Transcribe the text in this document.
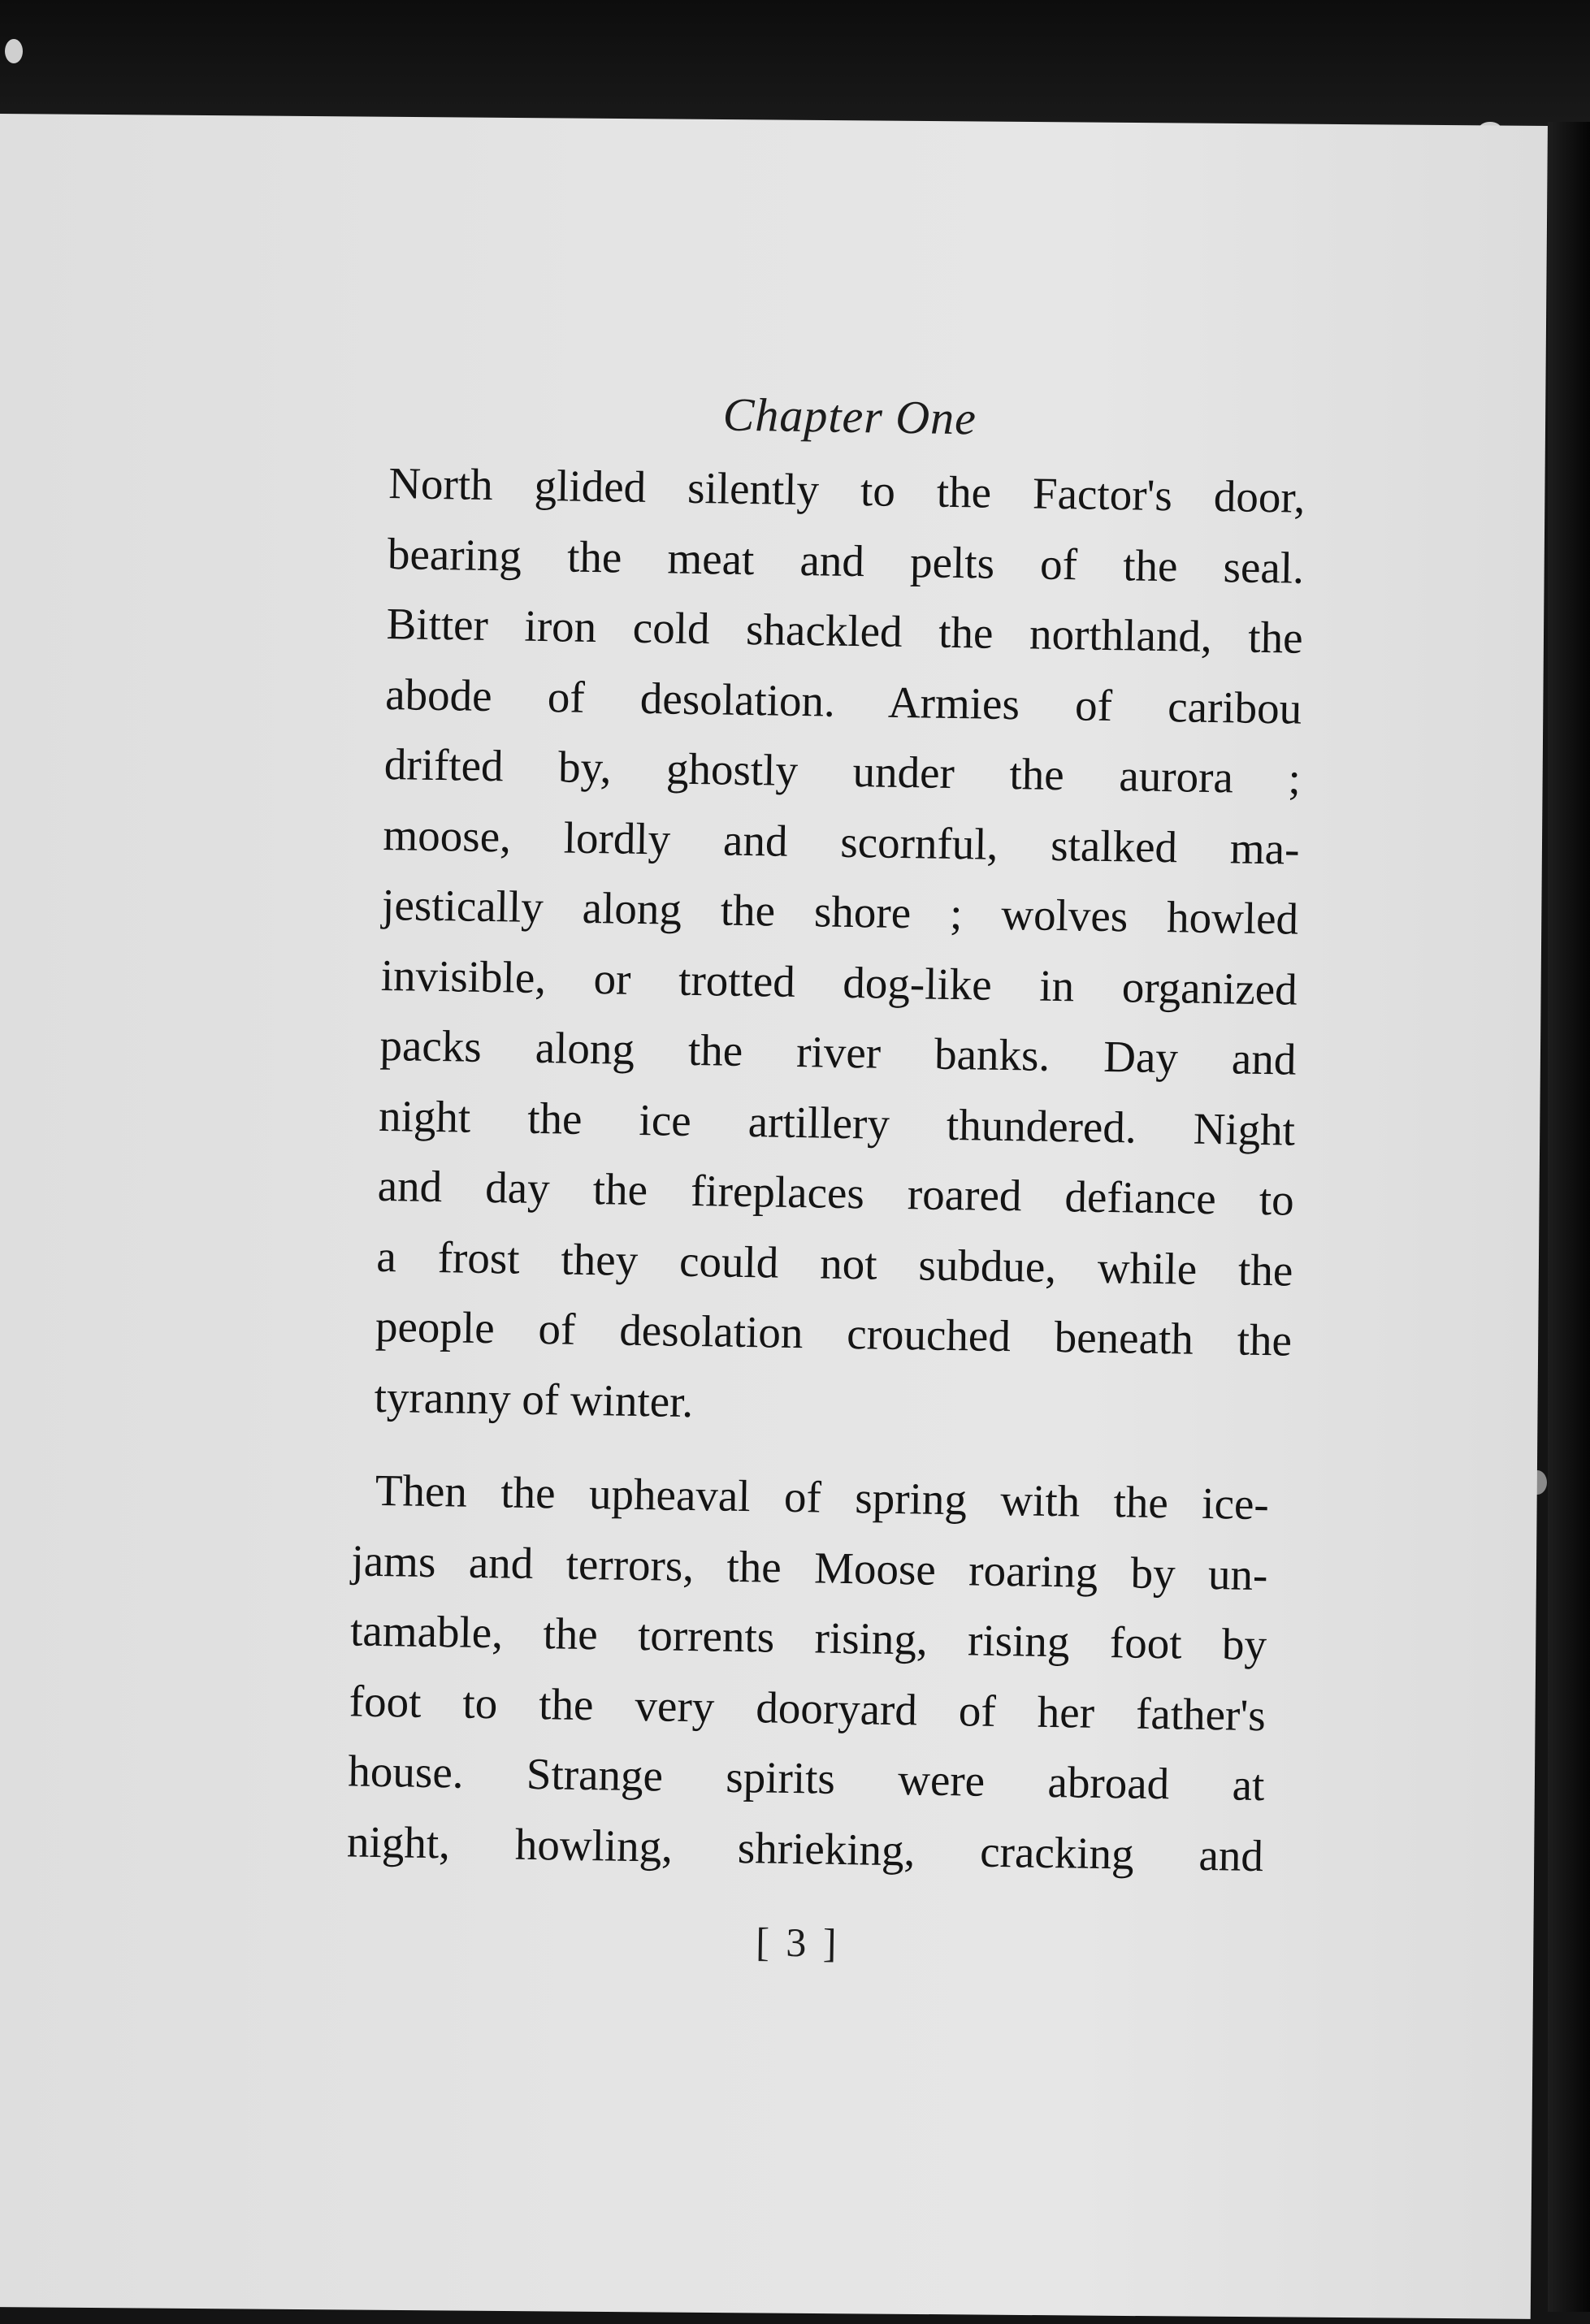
Chapter One

North glided silently to the Factor's door,
bearing the meat and pelts of the seal.
Bitter iron cold shackled the northland, the
abode of desolation. Armies of caribou
drifted by, ghostly under the aurora ;
moose, lordly and scornful, stalked ma-
jestically along the shore ; wolves howled
invisible, or trotted dog-like in organized
packs along the river banks. Day and
night the ice artillery thundered. Night
and day the fireplaces roared defiance to
a frost they could not subdue, while the
people of desolation crouched beneath the
tyranny of winter.

Then the upheaval of spring with the ice-
jams and terrors, the Moose roaring by un-
tamable, the torrents rising, rising foot by
foot to the very dooryard of her father's
house. Strange spirits were abroad at
night, howling, shrieking, cracking and

[ 3 ]
